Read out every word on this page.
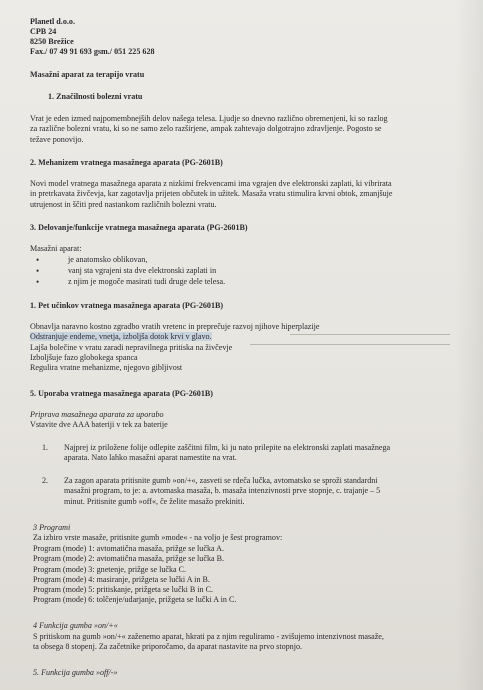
Planetl d.o.o.
CPB 24
8250 Brežice
Fax./ 07 49 91 693 gsm./ 051 225 628
Masažni aparat za terapijo vratu
1. Značilnosti bolezni vratu
Vrat je eden izmed najpomembnejših delov našega telesa. Ljudje so dnevno različno obremenjeni, ki so razlog
za različne bolezni vratu, ki so ne samo zelo razširjene, ampak zahtevajo dolgotrajno zdravljenje. Pogosto se
težave ponovijo.
2. Mehanizem vratnega masažnega aparata (PG-2601B)
Novi model vratnega masažnega aparata z nizkimi frekvencami ima vgrajen dve elektronski zaplati, ki vibrirata
in pretrkavata živčevja, kar zagotavlja prijeten občutek in užitek. Masaža vratu stimulira krvni obtok, zmanjšuje
utrujenost in ščiti pred nastankom različnih bolezni vratu.
3. Delovanje/funkcije vratnega masažnega aparata (PG-2601B)
Masažni aparat:
•	je anatomsko oblikovan,
•	vanj sta vgrajeni sta dve elektronski zaplati in
•	z njim je mogoče masirati tudi druge dele telesa.
1. Pet učinkov vratnega masažnega aparata (PG-2601B)
Obnavlja naravno kostno zgradbo vratih vretenc in preprečuje razvoj njihove hiperplazije
Odstranjuje endeme, vnetja, izboljša dotok krvi v glavo.
Lajša bolečine v vratu zaradi nepravilnega pritiska na živčevje
Izboljšuje fazo globokega spanca
Regulira vratne mehanizme, njegovo gibljivost
5. Uporaba vratnega masažnega aparata (PG-2601B)
Priprava masažnega aparata za uporabo
Vstavite dve AAA bateriji v tek za baterije
1. Najprej iz priložene folije odlepite zaščitni film, ki ju nato prilepite na elektronski zaplati masažnega
aparata. Nato lahko masažni aparat namestite na vrat.
2. Za zagon aparata pritisnite gumb »on/+«, zasveti se rdeča lučka, avtomatsko se sproži standardni
masažni program, to je: a. avtomaska masaža, b. masaža intenzivnosti prve stopnje, c. trajanje – 5
minut. Pritisnite gumb »off«, če želite masažo prekiniti.
3 Programi
Za izbiro vrste masaže, pritisnite gumb »mode« - na voljo je šest programov:
Program (mode) 1: avtomatična masaža, prižge se lučka A.
Program (mode) 2: avtomatična masaža, prižge se lučka B.
Program (mode) 3: gnetenje, prižge se lučka C.
Program (mode) 4: masiranje, prižgeta se lučki A in B.
Program (mode) 5: pritiskanje, prižgeta se lučki B in C.
Program (mode) 6: tolčenje/udarjanje, prižgeta se lučki A in C.
4 Funkcija gumba »on/+«
S pritiskom na gumb »on/+« zaženemo aparat, hkrati pa z njim reguliramo - zvišujemo intenzivnost masaže,
ta obsega 8 stopenj. Za začetnike priporočamo, da aparat nastavite na prvo stopnjo.
5. Funkcija gumba »off/-»
